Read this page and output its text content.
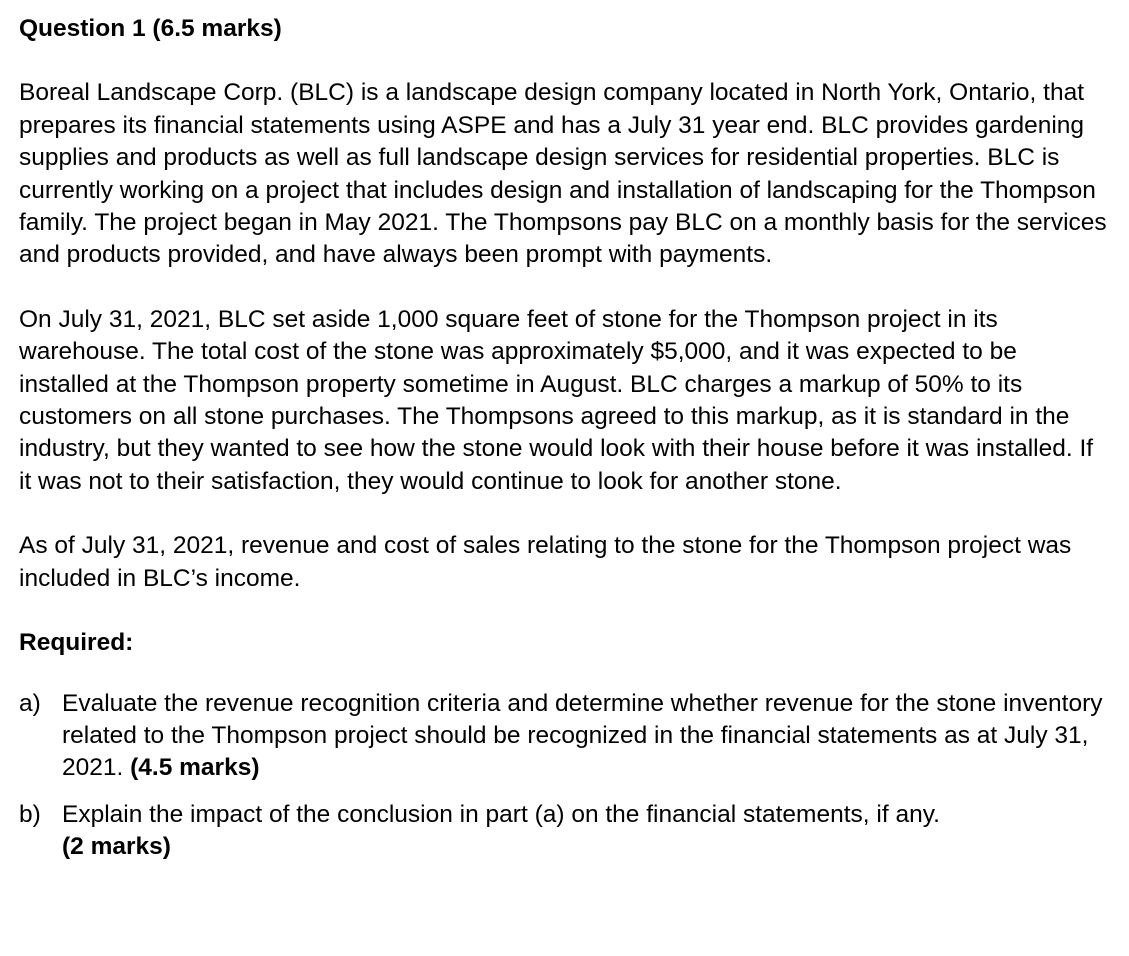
Question 1 (6.5 marks)

Boreal Landscape Corp. (BLC) is a landscape design company located in North York, Ontario, that prepares its financial statements using ASPE and has a July 31 year end. BLC provides gardening supplies and products as well as full landscape design services for residential properties. BLC is currently working on a project that includes design and installation of landscaping for the Thompson family. The project began in May 2021. The Thompsons pay BLC on a monthly basis for the services and products provided, and have always been prompt with payments.

On July 31, 2021, BLC set aside 1,000 square feet of stone for the Thompson project in its warehouse. The total cost of the stone was approximately $5,000, and it was expected to be installed at the Thompson property sometime in August. BLC charges a markup of 50% to its customers on all stone purchases. The Thompsons agreed to this markup, as it is standard in the industry, but they wanted to see how the stone would look with their house before it was installed. If it was not to their satisfaction, they would continue to look for another stone.

As of July 31, 2021, revenue and cost of sales relating to the stone for the Thompson project was included in BLC’s income.

Required:

a) Evaluate the revenue recognition criteria and determine whether revenue for the stone inventory related to the Thompson project should be recognized in the financial statements as at July 31, 2021. (4.5 marks)
b) Explain the impact of the conclusion in part (a) on the financial statements, if any.
(2 marks)
